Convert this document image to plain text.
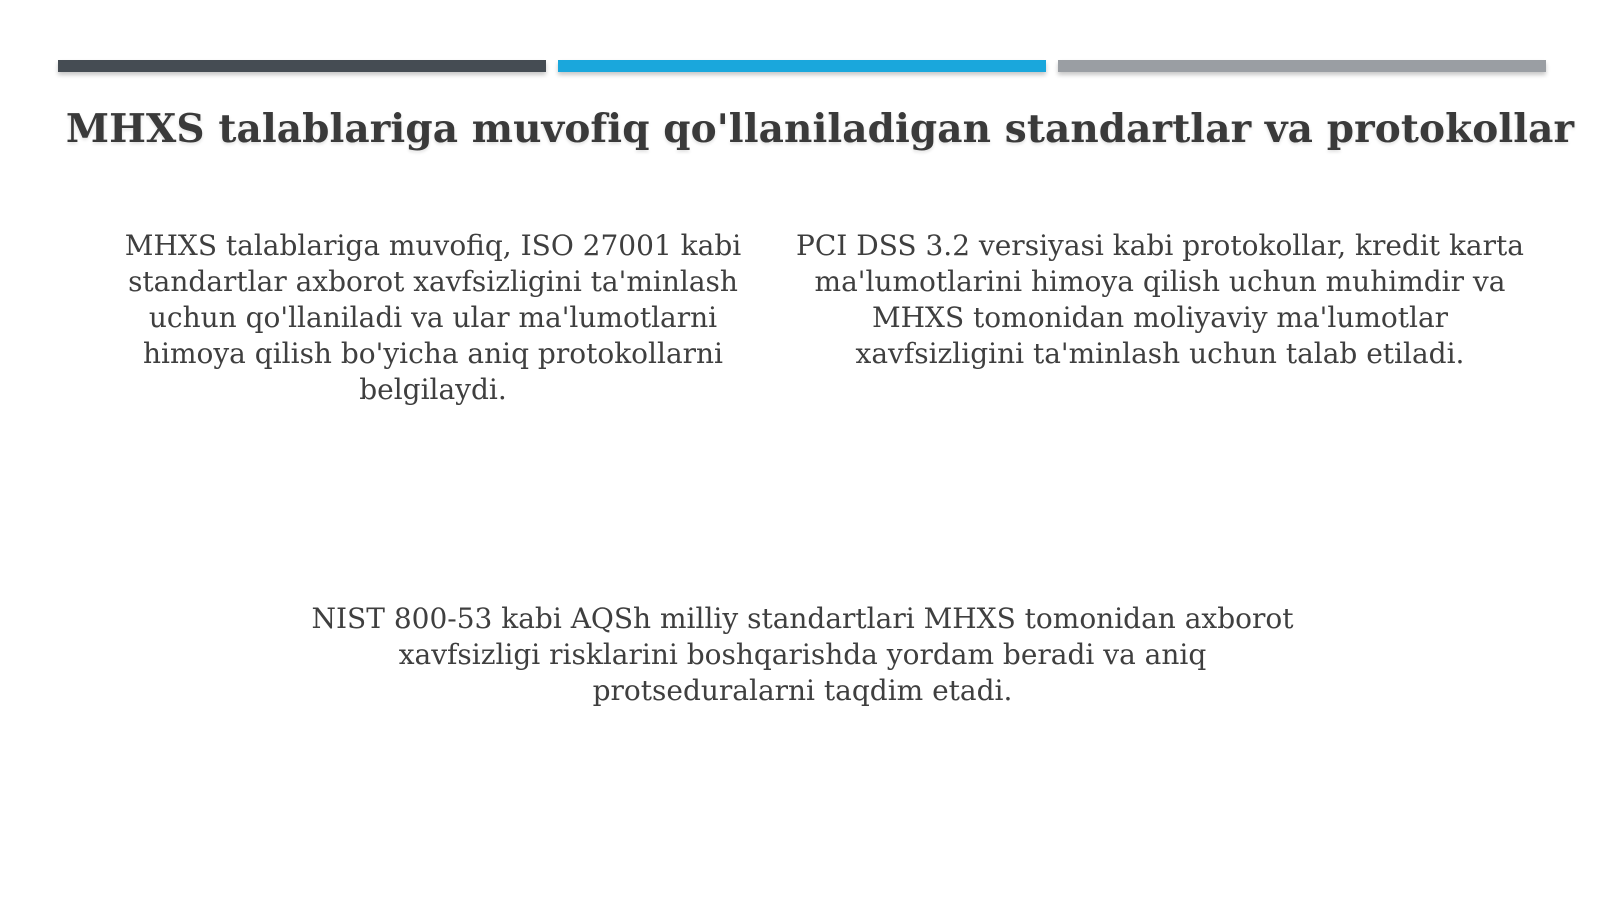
MHXS talablariga muvofiq qo'llaniladigan standartlar va protokollar

MHXS talablariga muvofiq, ISO 27001 kabi standartlar axborot xavfsizligini ta'minlash uchun qo'llaniladi va ular ma'lumotlarni himoya qilish bo'yicha aniq protokollarni belgilaydi.

PCI DSS 3.2 versiyasi kabi protokollar, kredit karta ma'lumotlarini himoya qilish uchun muhimdir va MHXS tomonidan moliyaviy ma'lumotlar xavfsizligini ta'minlash uchun talab etiladi.

NIST 800-53 kabi AQSh milliy standartlari MHXS tomonidan axborot xavfsizligi risklarini boshqarishda yordam beradi va aniq protseduralarni taqdim etadi.
